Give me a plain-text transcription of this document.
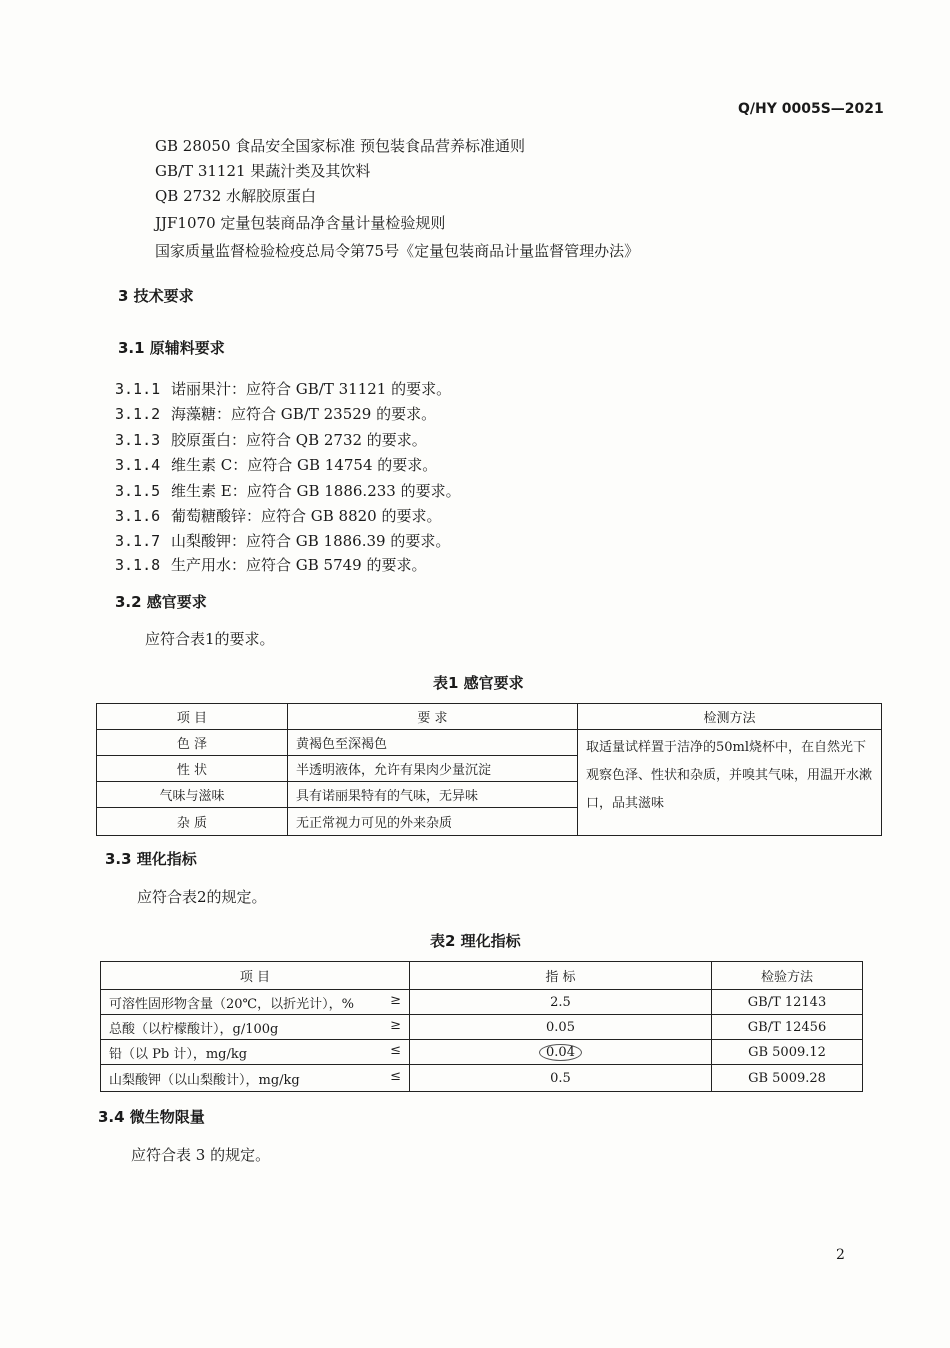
Q/HY 0005S—2021
GB 28050 食品安全国家标准 预包装食品营养标准通则
GB/T 31121 果蔬汁类及其饮料
QB 2732 水解胶原蛋白
JJF1070 定量包装商品净含量计量检验规则
国家质量监督检验检疫总局令第75号《定量包装商品计量监督管理办法》
3 技术要求
3.1 原辅料要求
3.1.1 诺丽果汁：应符合 GB/T 31121 的要求。
3.1.2 海藻糖：应符合 GB/T 23529 的要求。
3.1.3 胶原蛋白：应符合 QB 2732 的要求。
3.1.4 维生素 C：应符合 GB 14754 的要求。
3.1.5 维生素 E：应符合 GB 1886.233 的要求。
3.1.6 葡萄糖酸锌：应符合 GB 8820 的要求。
3.1.7 山梨酸钾：应符合 GB 1886.39 的要求。
3.1.8 生产用水：应符合 GB 5749 的要求。
3.2 感官要求
应符合表1的要求。
表1 感官要求
项 目	要 求	检测方法
色 泽	黄褐色至深褐色	取适量试样置于洁净的50ml烧杯中，在自然光下观察色泽、性状和杂质，并嗅其气味，用温开水漱口，品其滋味
性 状	半透明液体，允许有果肉少量沉淀	
气味与滋味	具有诺丽果特有的气味，无异味	
杂 质	无正常视力可见的外来杂质	
3.3 理化指标
应符合表2的规定。
表2 理化指标
项 目	指 标	检验方法
可溶性固形物含量（20℃，以折光计），% ≥	2.5	GB/T 12143
总酸（以柠檬酸计），g/100g ≥	0.05	GB/T 12456
铅（以 Pb 计），mg/kg ≤	0.04	GB 5009.12
山梨酸钾（以山梨酸计），mg/kg ≤	0.5	GB 5009.28
3.4 微生物限量
应符合表 3 的规定。
2
